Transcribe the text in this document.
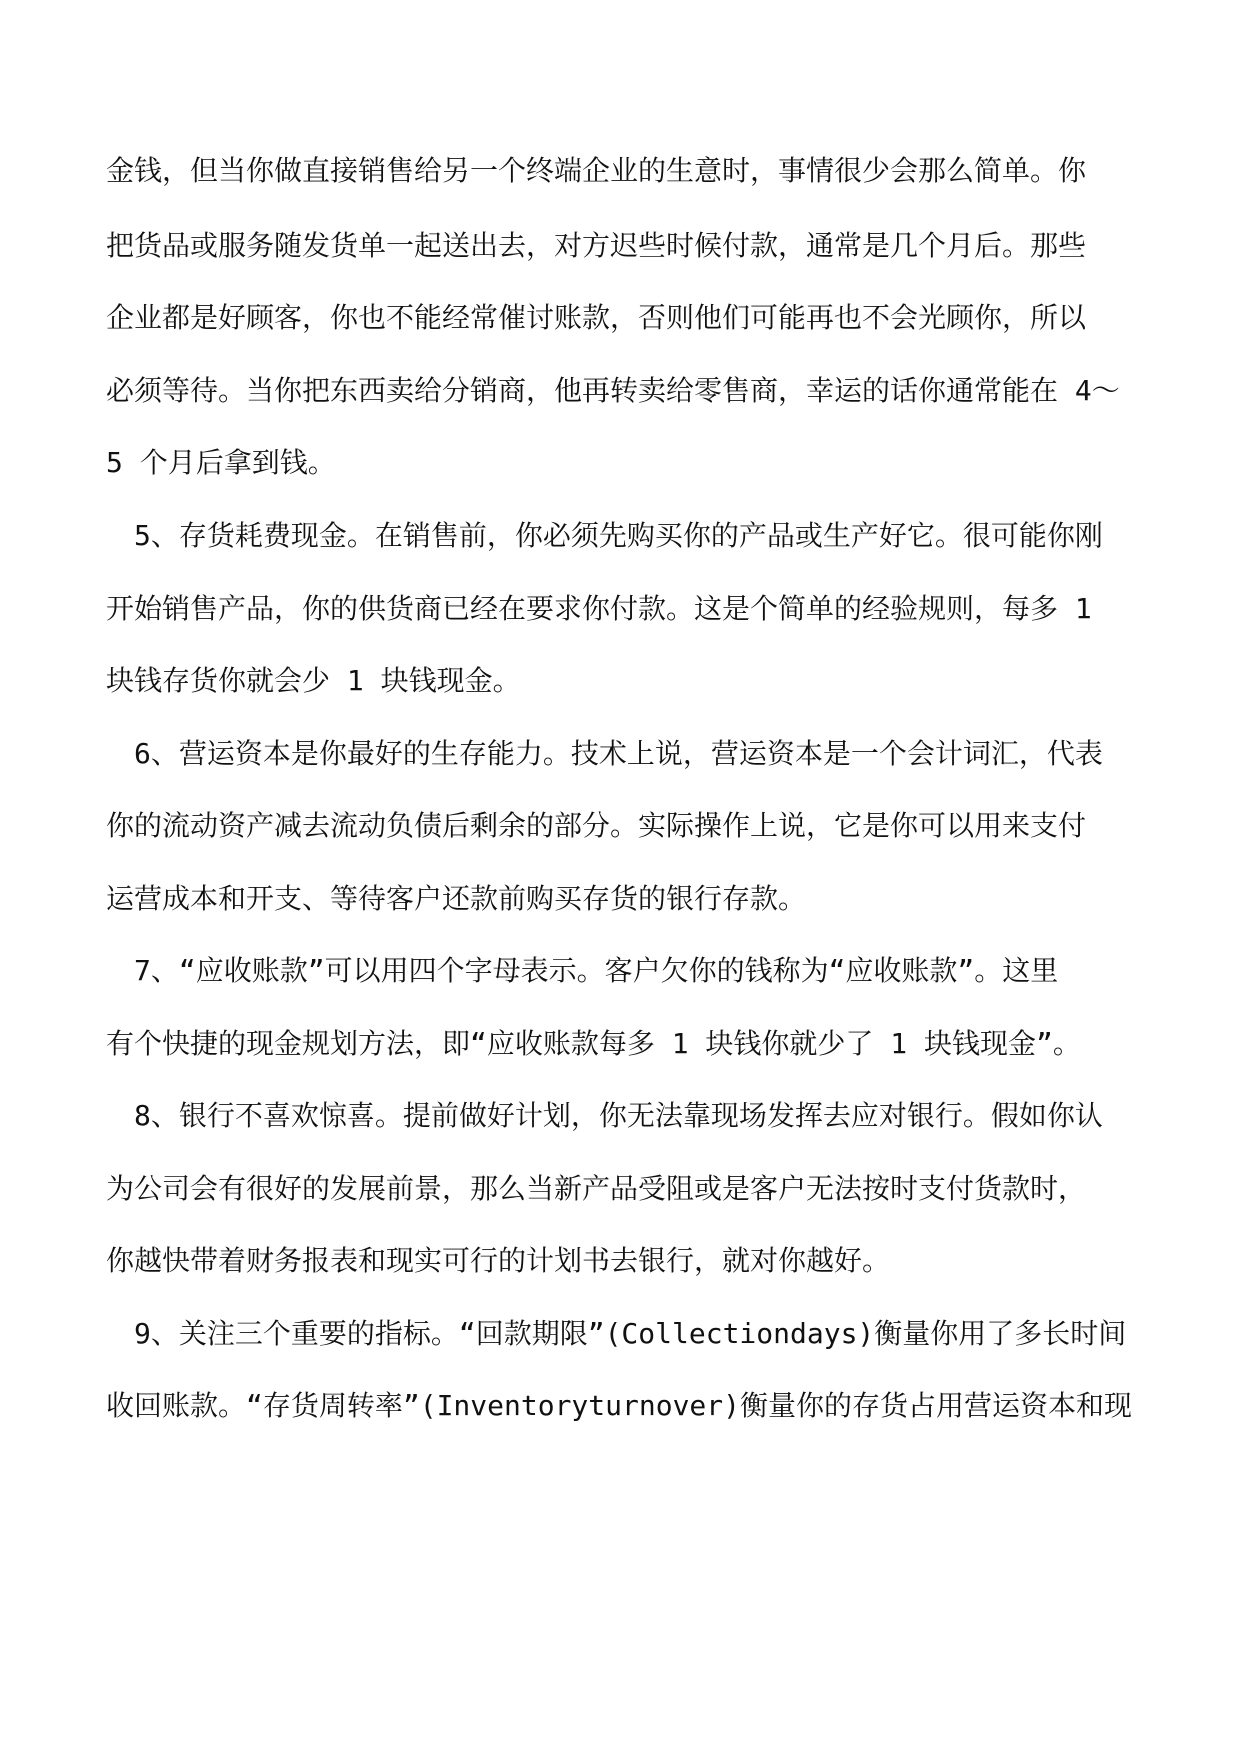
金钱，但当你做直接销售给另一个终端企业的生意时，事情很少会那么简单。你
把货品或服务随发货单一起送出去，对方迟些时候付款，通常是几个月后。那些
企业都是好顾客，你也不能经常催讨账款，否则他们可能再也不会光顾你，所以
必须等待。当你把东西卖给分销商，他再转卖给零售商，幸运的话你通常能在 4～
5 个月后拿到钱。
5、存货耗费现金。在销售前，你必须先购买你的产品或生产好它。很可能你刚
开始销售产品，你的供货商已经在要求你付款。这是个简单的经验规则，每多 1
块钱存货你就会少 1 块钱现金。
6、营运资本是你最好的生存能力。技术上说，营运资本是一个会计词汇，代表
你的流动资产减去流动负债后剩余的部分。实际操作上说，它是你可以用来支付
运营成本和开支、等待客户还款前购买存货的银行存款。
7、“应收账款”可以用四个字母表示。客户欠你的钱称为“应收账款”。这里
有个快捷的现金规划方法，即“应收账款每多 1 块钱你就少了 1 块钱现金”。
8、银行不喜欢惊喜。提前做好计划，你无法靠现场发挥去应对银行。假如你认
为公司会有很好的发展前景，那么当新产品受阻或是客户无法按时支付货款时，
你越快带着财务报表和现实可行的计划书去银行，就对你越好。
9、关注三个重要的指标。“回款期限”(Collectiondays)衡量你用了多长时间
收回账款。“存货周转率”(Inventoryturnover)衡量你的存货占用营运资本和现
